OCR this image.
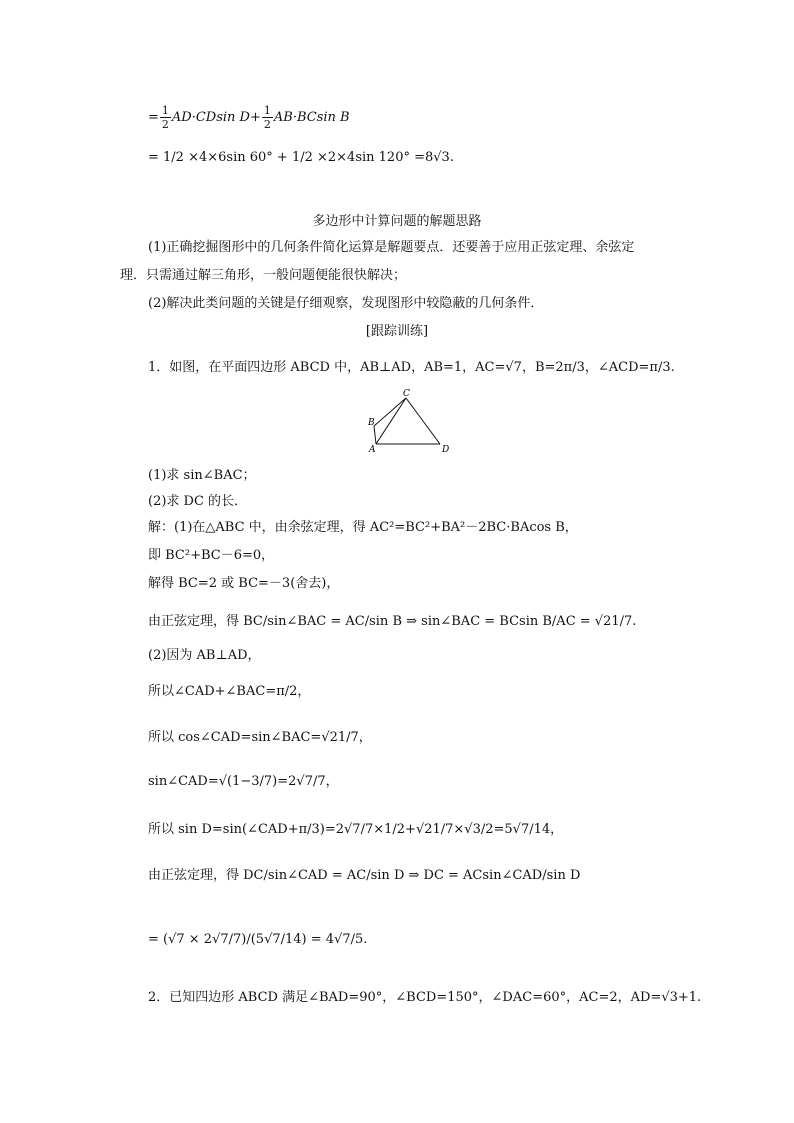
= $\frac{1}{2} AD\cdot CDsin$ $D+ \frac{1}{2} AB\cdot BCsin$ B
= 1/2 ×4×6sin 60° + 1/2 ×2×4sin 120° =8√3.
多边形中计算问题的解题思路
(1)正确挖掘图形中的几何条件简化运算是解题要点．还要善于应用正弦定理、余弦定
理．只需通过解三角形，一般问题便能很快解决；
(2)解决此类问题的关键是仔细观察，发现图形中较隐蔽的几何条件．
[跟踪训练]
1．如图，在平面四边形 ABCD 中，AB⊥AD，AB=1，AC=√7，B=2π/3，∠ACD=π/3.
C
B
A	D
(1)求 sin∠BAC；
(2)求 DC 的长．
解：(1)在△ABC 中，由余弦定理，得 AC²=BC²+BA²－2BC·BAcos B，
即 BC²+BC－6=0，
解得 BC=2 或 BC=－3(舍去)，
由正弦定理，得 BC/sin∠BAC = AC/sin B ⇒ sin∠BAC = BCsin B/AC = √21/7.
(2)因为 AB⊥AD，
所以∠CAD+∠BAC=π/2，
所以 cos∠CAD=sin∠BAC=√21/7，
sin∠CAD=√(1−3/7)=2√7/7，
所以 sin D=sin(∠CAD+π/3)=2√7/7×1/2+√21/7×√3/2=5√7/14，
由正弦定理，得 DC/sin∠CAD = AC/sin D ⇒ DC = ACsin∠CAD/sin D
= (√7 × 2√7/7)/(5√7/14) = 4√7/5.
2．已知四边形 ABCD 满足∠BAD=90°，∠BCD=150°，∠DAC=60°，AC=2，AD=√3+1.
